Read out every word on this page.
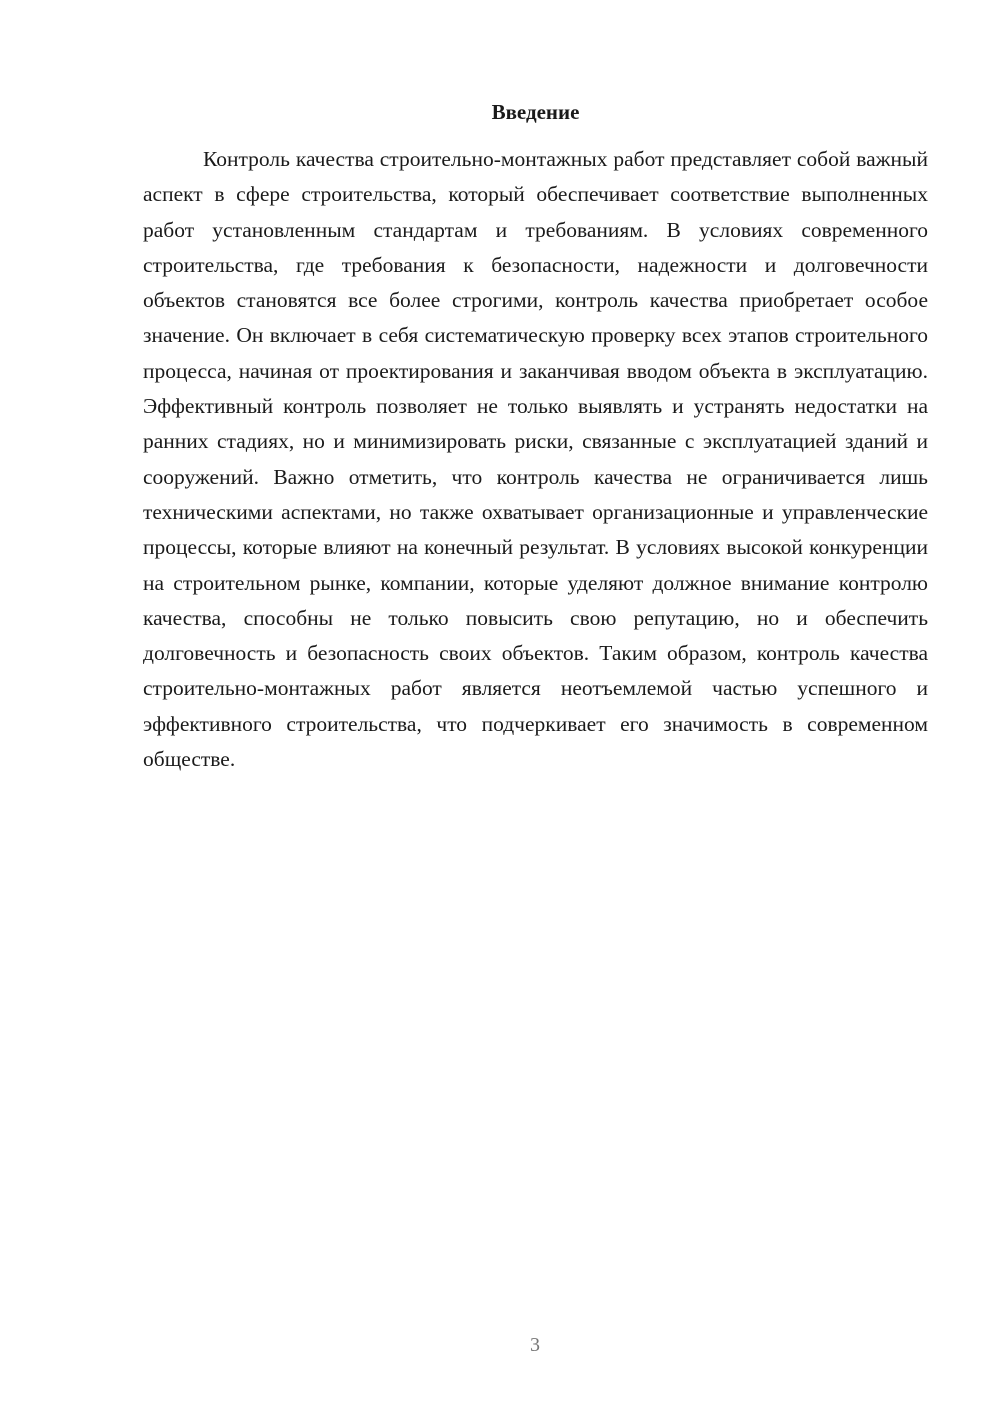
Введение

Контроль качества строительно-монтажных работ представляет собой важный аспект в сфере строительства, который обеспечивает соответствие выполненных работ установленным стандартам и требованиям. В условиях современного строительства, где требования к безопасности, надежности и долговечности объектов становятся все более строгими, контроль качества приобретает особое значение. Он включает в себя систематическую проверку всех этапов строительного процесса, начиная от проектирования и заканчивая вводом объекта в эксплуатацию. Эффективный контроль позволяет не только выявлять и устранять недостатки на ранних стадиях, но и минимизировать риски, связанные с эксплуатацией зданий и сооружений. Важно отметить, что контроль качества не ограничивается лишь техническими аспектами, но также охватывает организационные и управленческие процессы, которые влияют на конечный результат. В условиях высокой конкуренции на строительном рынке, компании, которые уделяют должное внимание контролю качества, способны не только повысить свою репутацию, но и обеспечить долговечность и безопасность своих объектов. Таким образом, контроль качества строительно-монтажных работ является неотъемлемой частью успешного и эффективного строительства, что подчеркивает его значимость в современном обществе.

3
